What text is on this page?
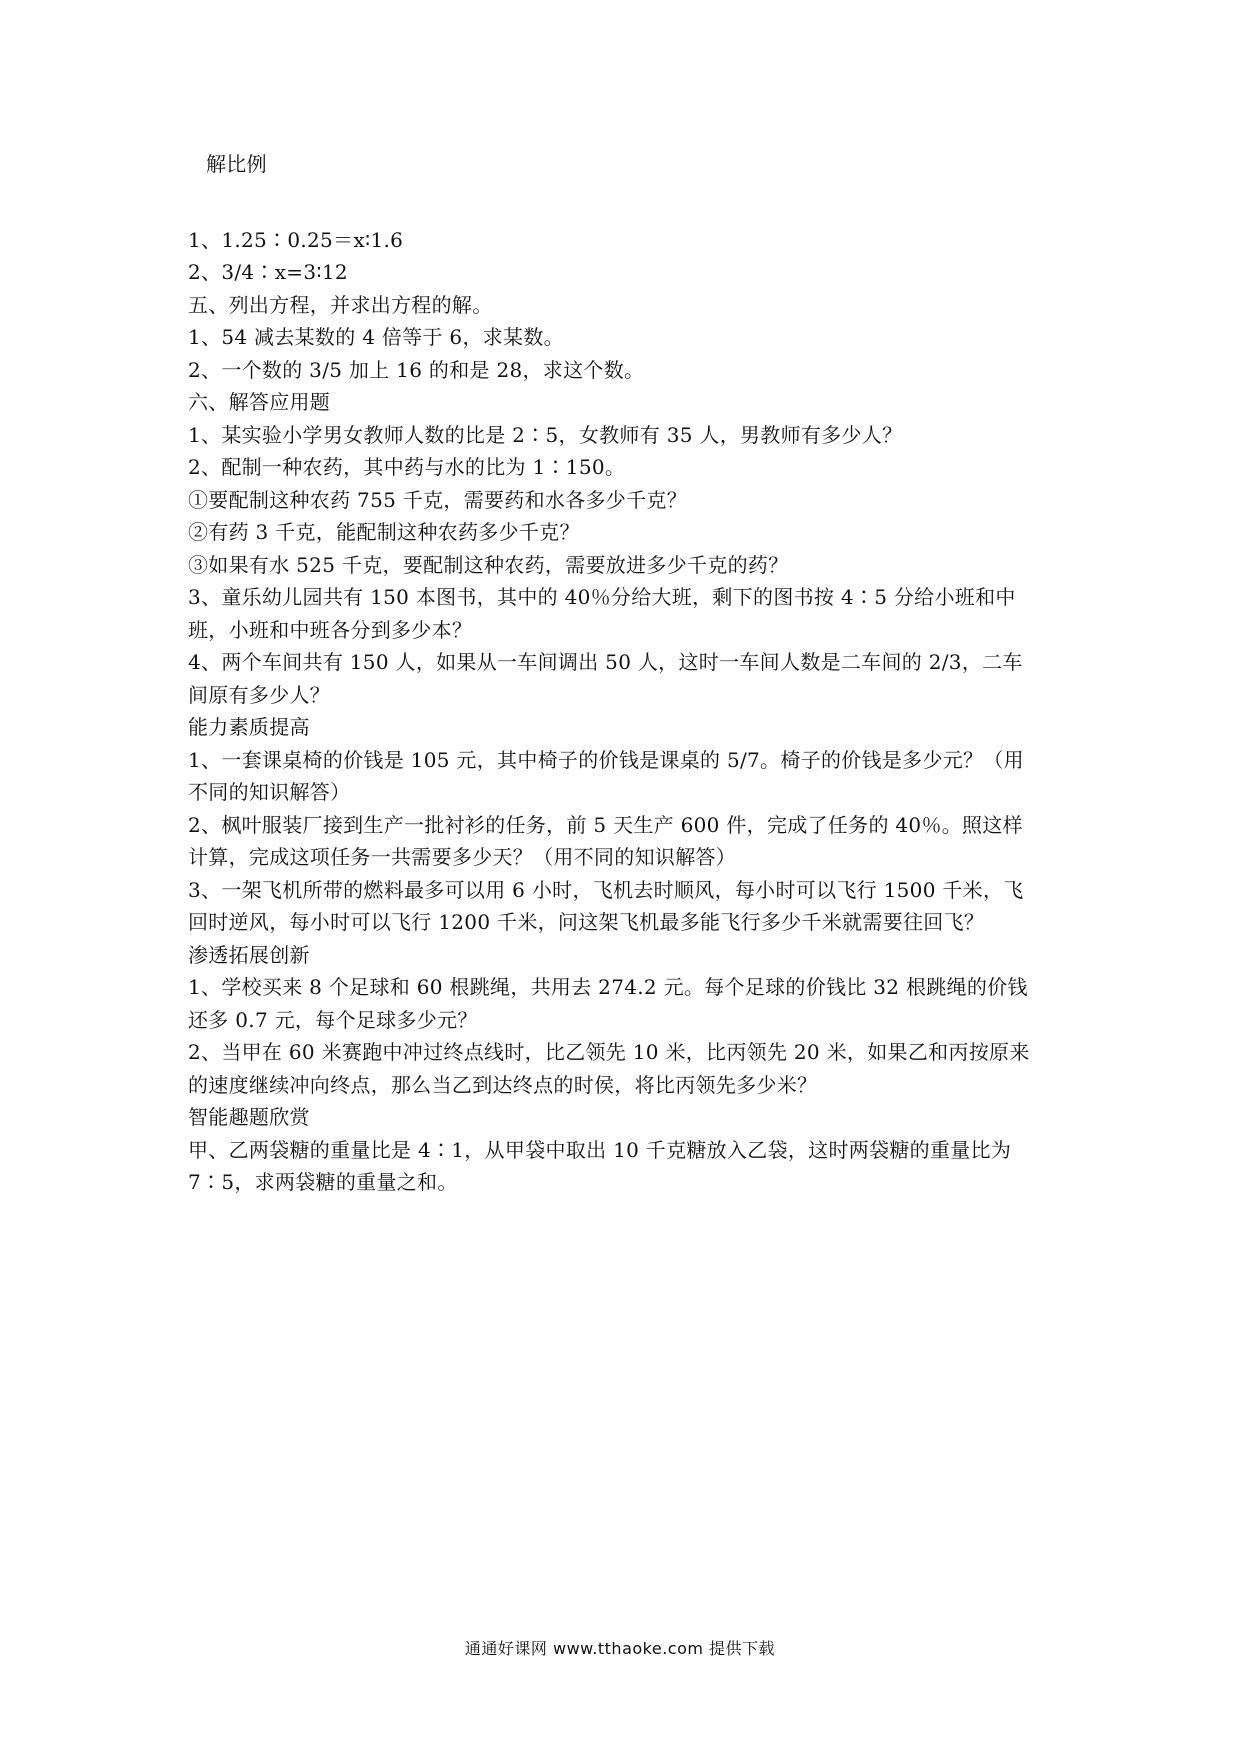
解比例
1、1.25∶0.25＝x∶1.6
2、3/4∶x=3∶12
五、列出方程，并求出方程的解。
1、54 减去某数的 4 倍等于 6，求某数。
2、一个数的 3/5 加上 16 的和是 28，求这个数。
六、解答应用题
1、某实验小学男女教师人数的比是 2∶5，女教师有 35 人，男教师有多少人？
2、配制一种农药，其中药与水的比为 1∶150。
①要配制这种农药 755 千克，需要药和水各多少千克？
②有药 3 千克，能配制这种农药多少千克？
③如果有水 525 千克，要配制这种农药，需要放进多少千克的药？
3、童乐幼儿园共有 150 本图书，其中的 40％分给大班，剩下的图书按 4∶5 分给小班和中
班，小班和中班各分到多少本？
4、两个车间共有 150 人，如果从一车间调出 50 人，这时一车间人数是二车间的 2/3，二车
间原有多少人？
能力素质提高
1、一套课桌椅的价钱是 105 元，其中椅子的价钱是课桌的 5/7。椅子的价钱是多少元？（用
不同的知识解答）
2、枫叶服装厂接到生产一批衬衫的任务，前 5 天生产 600 件，完成了任务的 40％。照这样
计算，完成这项任务一共需要多少天？（用不同的知识解答）
3、一架飞机所带的燃料最多可以用 6 小时，飞机去时顺风，每小时可以飞行 1500 千米，飞
回时逆风，每小时可以飞行 1200 千米，问这架飞机最多能飞行多少千米就需要往回飞？
渗透拓展创新
1、学校买来 8 个足球和 60 根跳绳，共用去 274.2 元。每个足球的价钱比 32 根跳绳的价钱
还多 0.7 元，每个足球多少元？
2、当甲在 60 米赛跑中冲过终点线时，比乙领先 10 米，比丙领先 20 米，如果乙和丙按原来
的速度继续冲向终点，那么当乙到达终点的时侯，将比丙领先多少米？
智能趣题欣赏
甲、乙两袋糖的重量比是 4∶1，从甲袋中取出 10 千克糖放入乙袋，这时两袋糖的重量比为
7∶5，求两袋糖的重量之和。
通通好课网 www.tthaoke.com 提供下载
